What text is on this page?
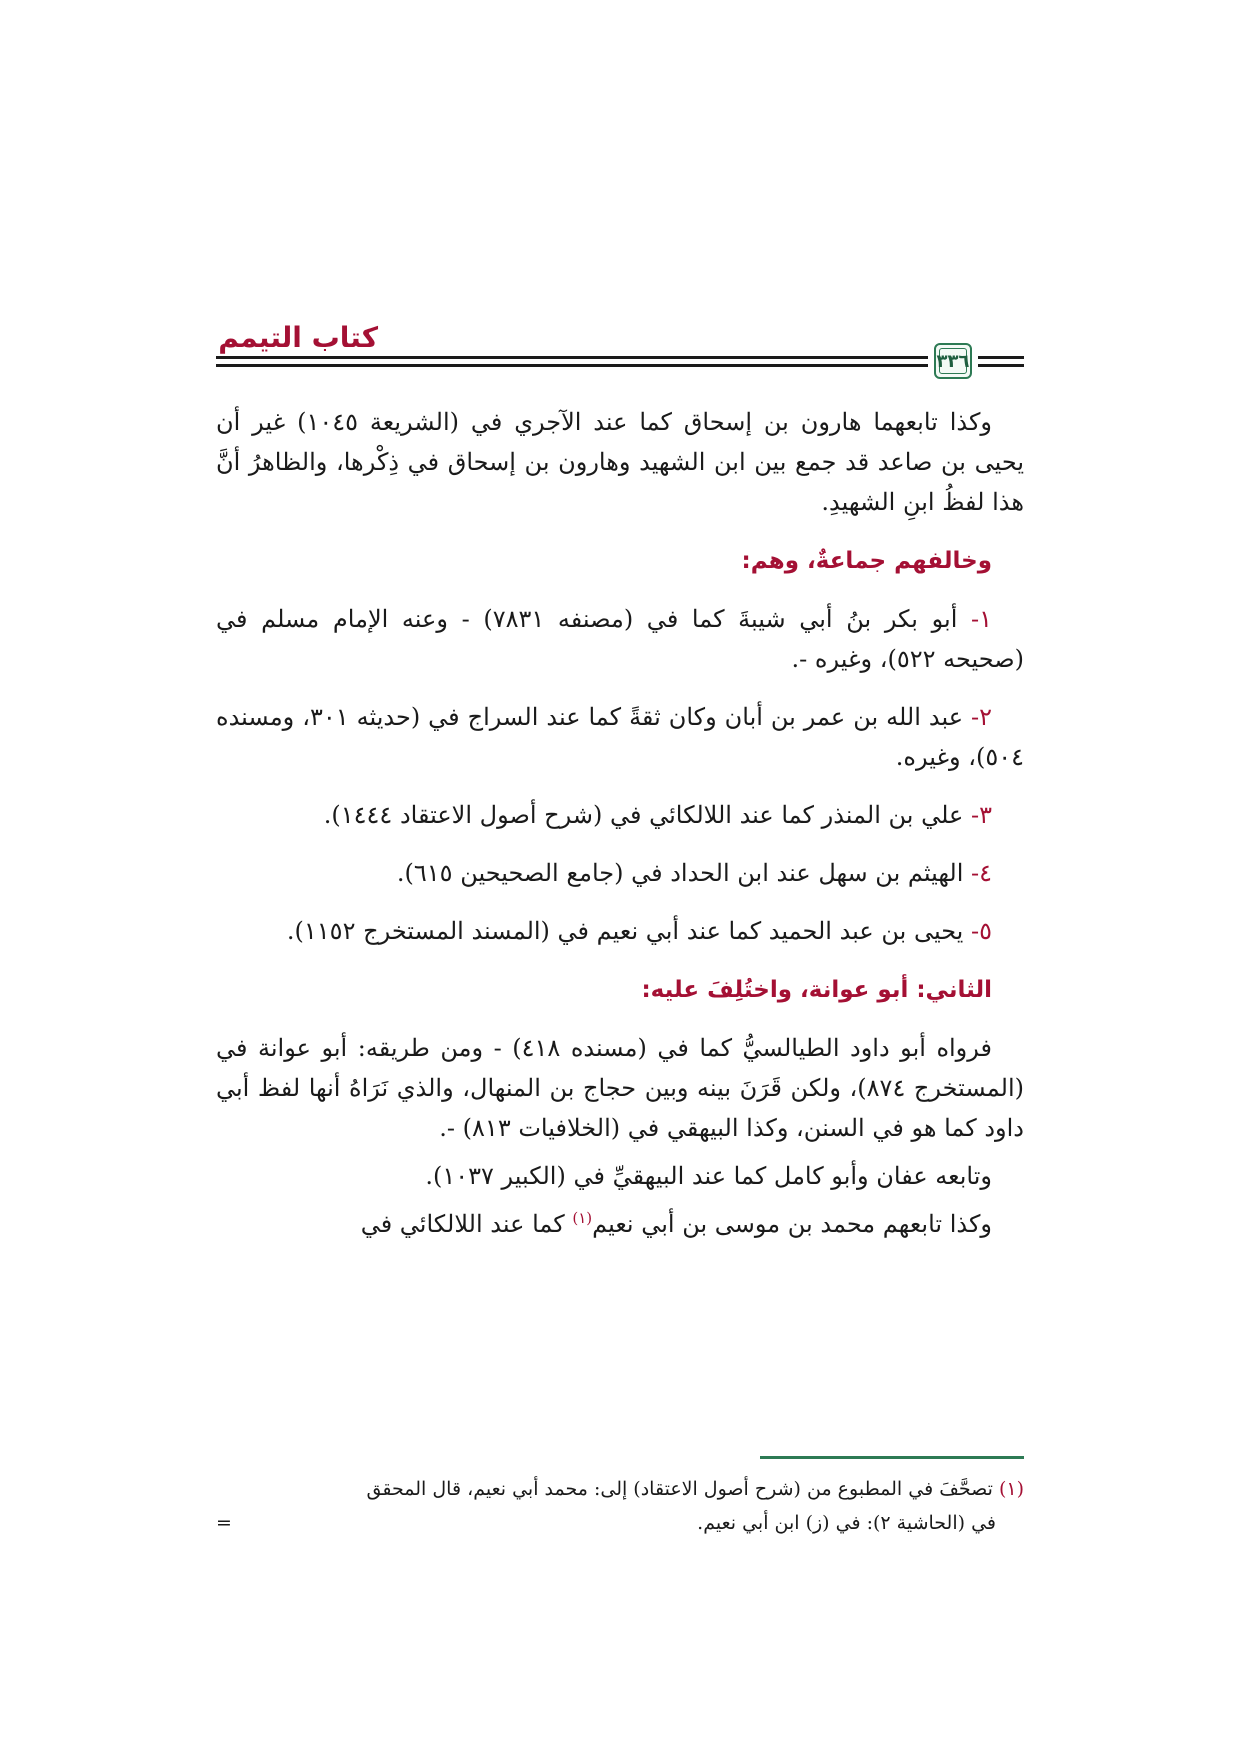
كتاب التيمم
٣٣٦

وكذا تابعهما هارون بن إسحاق كما عند الآجري في (الشريعة ١٠٤٥) غير أن يحيى بن صاعد قد جمع بين ابن الشهيد وهارون بن إسحاق في ذِكْرها، والظاهرُ أنَّ هذا لفظُ ابنِ الشهيدِ.

وخالفهم جماعةٌ، وهم:

١- أبو بكر بنُ أبي شيبةَ كما في (مصنفه ٧٨٣١) - وعنه الإمام مسلم في (صحيحه ٥٢٢)، وغيره -.

٢- عبد الله بن عمر بن أبان وكان ثقةً كما عند السراج في (حديثه ٣٠١، ومسنده ٥٠٤)، وغيره.

٣- علي بن المنذر كما عند اللالكائي في (شرح أصول الاعتقاد ١٤٤٤).

٤- الهيثم بن سهل عند ابن الحداد في (جامع الصحيحين ٦١٥).

٥- يحيى بن عبد الحميد كما عند أبي نعيم في (المسند المستخرج ١١٥٢).

الثاني: أبو عوانة، واختُلِفَ عليه:

فرواه أبو داود الطيالسيُّ كما في (مسنده ٤١٨) - ومن طريقه: أبو عوانة في (المستخرج ٨٧٤)، ولكن قَرَنَ بينه وبين حجاج بن المنهال، والذي نَرَاهُ أنها لفظ أبي داود كما هو في السنن، وكذا البيهقي في (الخلافيات ٨١٣) -.

وتابعه عفان وأبو كامل كما عند البيهقيِّ في (الكبير ١٠٣٧).

وكذا تابعهم محمد بن موسى بن أبي نعيم$^{(١)}$ كما عند اللالكائي في

(١) تصحَّفَ في المطبوع من (شرح أصول الاعتقاد) إلى: محمد أبي نعيم، قال المحقق

في (الحاشية ٢): في (ز) ابن أبي نعيم.
=
